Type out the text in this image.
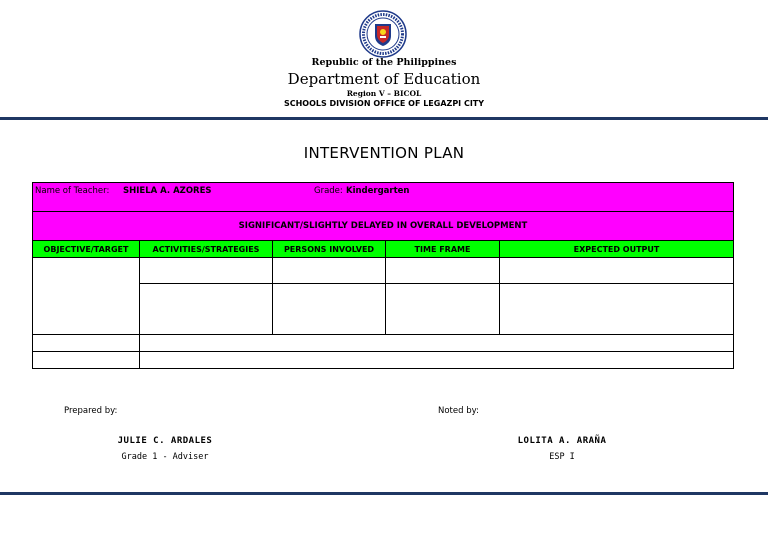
Republic of the Philippines
Department of Education
Region V – BICOL
SCHOOLS DIVISION OFFICE OF LEGAZPI CITY
INTERVENTION PLAN
Name of Teacher: SHIELA A. AZORES	Grade: Kindergarten
SIGNIFICANT/SLIGHTLY DELAYED IN OVERALL DEVELOPMENT
OBJECTIVE/TARGET	ACTIVITIES/STRATEGIES	PERSONS INVOLVED	TIME FRAME	EXPECTED OUTPUT
Prepared by:
JULIE C. ARDALES
Grade 1 - Adviser
Noted by:
LOLITA A. ARAÑA
ESP I
